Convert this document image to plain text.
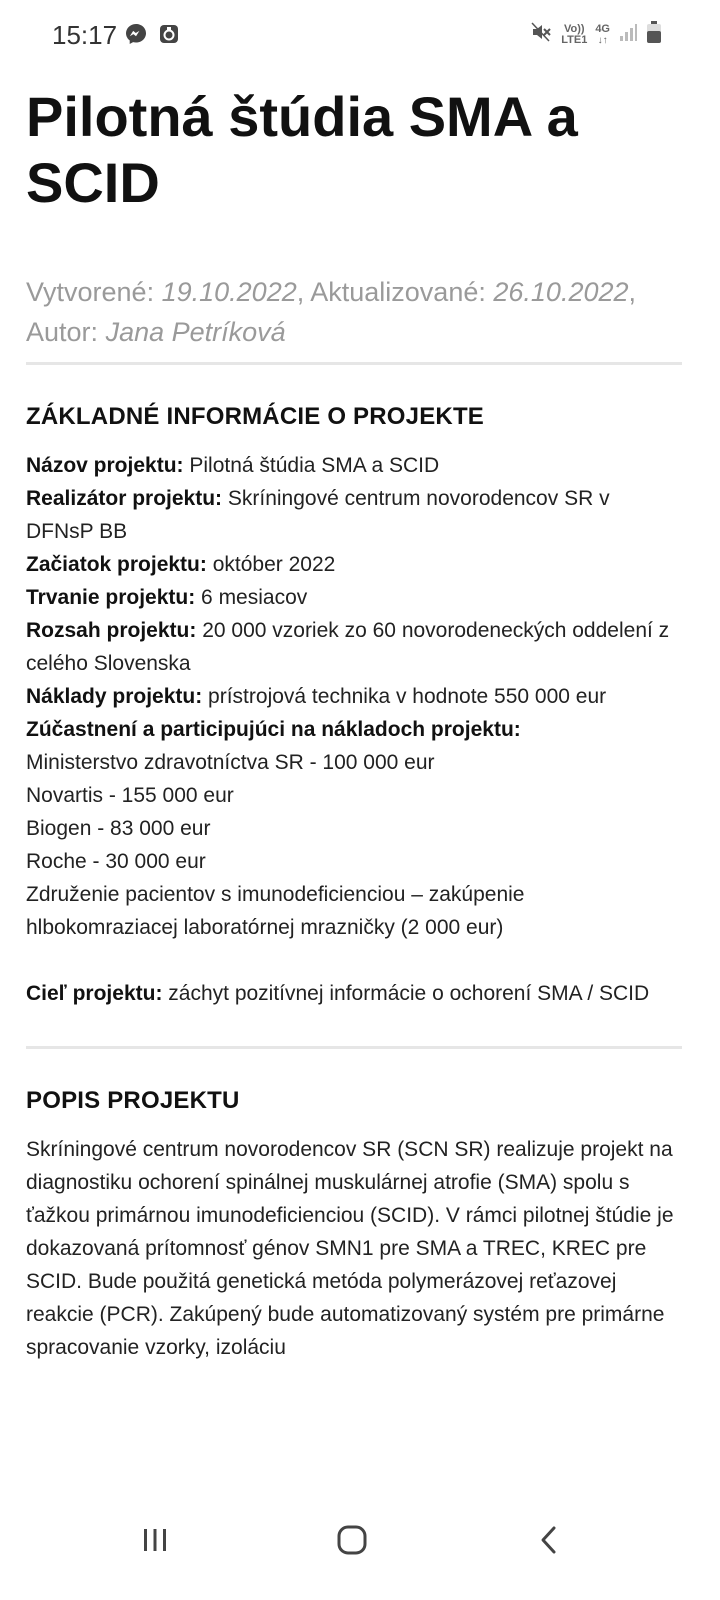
15:17	Vo))
LTE1
4G
↓↑
Pilotná štúdia SMA a SCID
Vytvorené: 19.10.2022, Aktualizované: 26.10.2022, Autor: Jana Petríková
ZÁKLADNÉ INFORMÁCIE O PROJEKTE
Názov projektu: Pilotná štúdia SMA a SCID
Realizátor projektu: Skríningové centrum novorodencov SR v DFNsP BB
Začiatok projektu: október 2022
Trvanie projektu: 6 mesiacov
Rozsah projektu: 20 000 vzoriek zo 60 novorodeneckých oddelení z celého Slovenska
Náklady projektu: prístrojová technika v hodnote 550 000 eur
Zúčastnení a participujúci na nákladoch projektu:
Ministerstvo zdravotníctva SR - 100 000 eur
Novartis - 155 000 eur
Biogen - 83 000 eur
Roche - 30 000 eur
Združenie pacientov s imunodeficienciou – zakúpenie hlbokomraziacej laboratórnej mrazničky (2 000 eur)
Cieľ projektu: záchyt pozitívnej informácie o ochorení SMA / SCID
POPIS PROJEKTU
Skríningové centrum novorodencov SR (SCN SR) realizuje projekt na diagnostiku ochorení spinálnej muskulárnej atrofie (SMA) spolu s ťažkou primárnou imunodeficienciou (SCID). V rámci pilotnej štúdie je dokazovaná prítomnosť génov SMN1 pre SMA a TREC, KREC pre SCID. Bude použitá genetická metóda polymerázovej reťazovej reakcie (PCR). Zakúpený bude automatizovaný systém pre primárne spracovanie vzorky, izoláciu
